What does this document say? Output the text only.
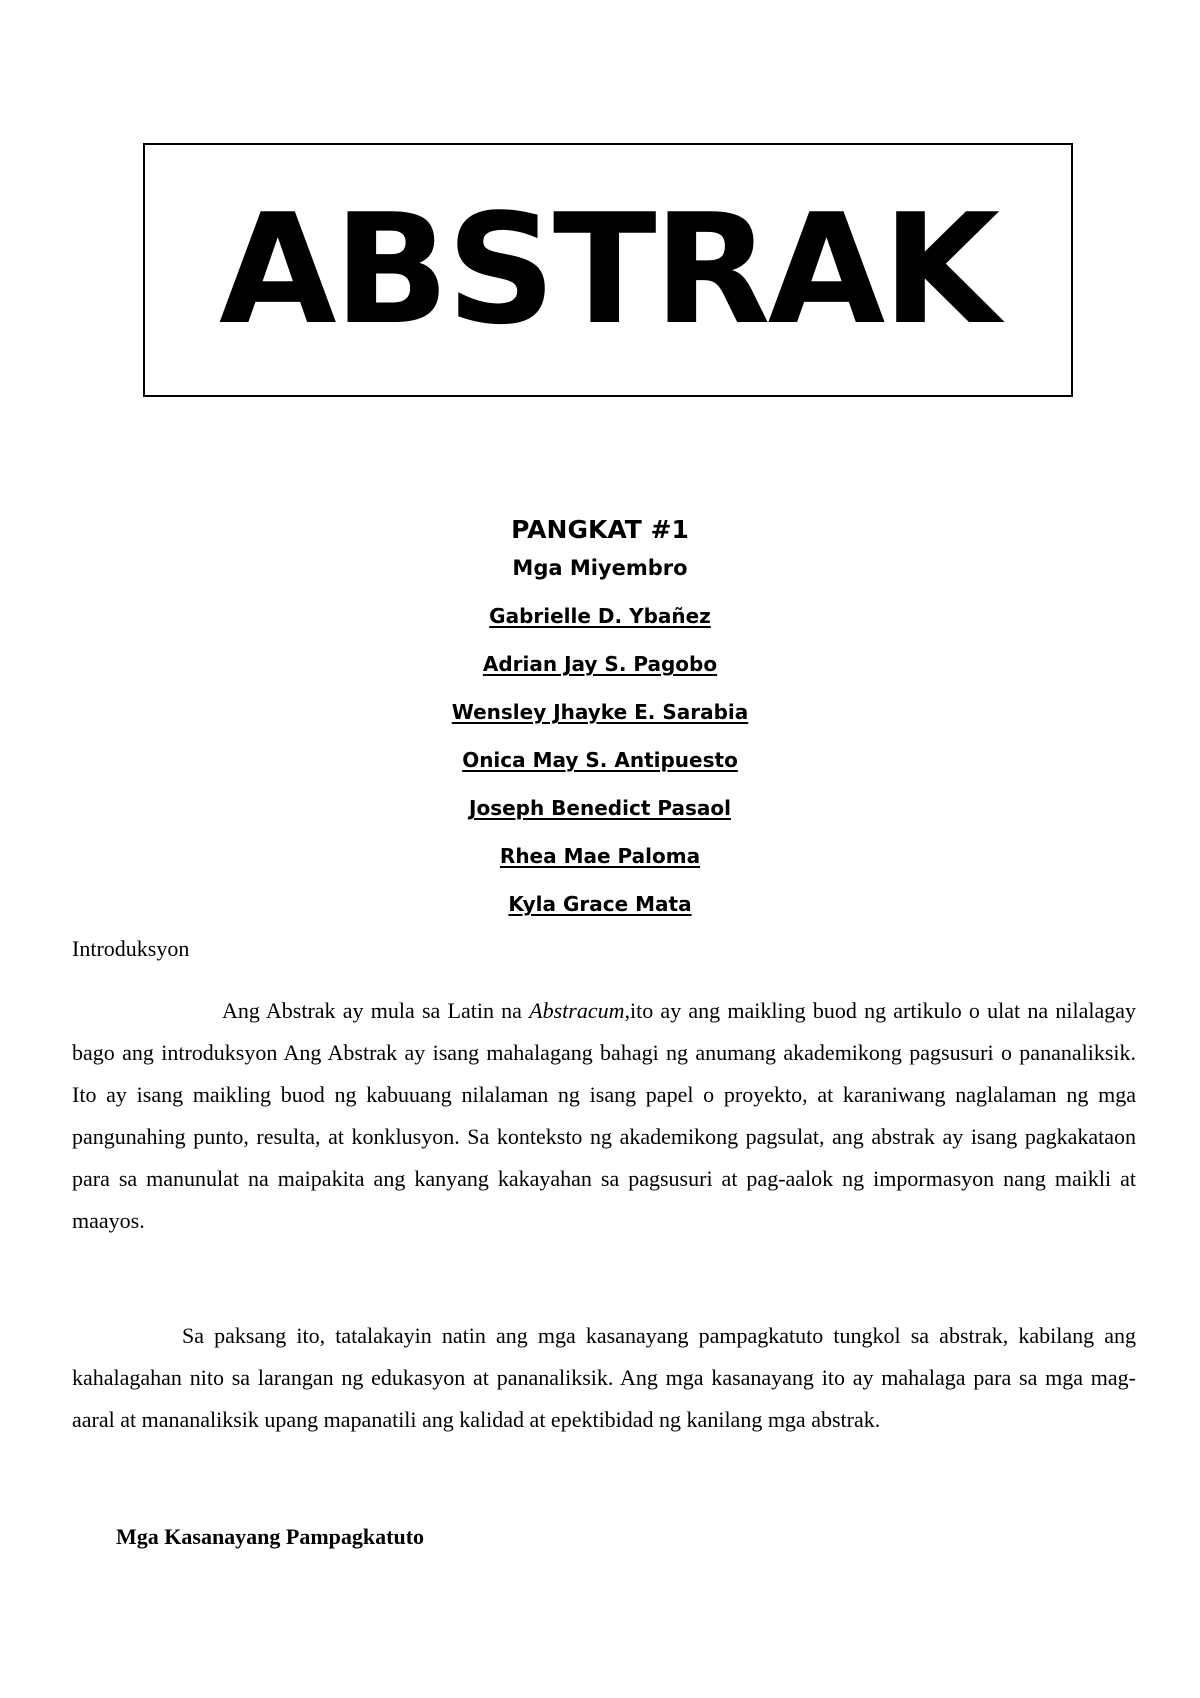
ABSTRAK
PANGKAT #1
Mga Miyembro
Gabrielle D. Ybañez
Adrian Jay S. Pagobo
Wensley Jhayke E. Sarabia
Onica May S. Antipuesto
Joseph Benedict Pasaol
Rhea Mae Paloma
Kyla Grace Mata
Introduksyon

Ang Abstrak ay mula sa Latin na Abstracum,ito ay ang maikling buod ng artikulo o ulat na nilalagay bago ang introduksyon Ang Abstrak ay isang mahalagang bahagi ng anumang akademikong pagsusuri o pananaliksik. Ito ay isang maikling buod ng kabuuang nilalaman ng isang papel o proyekto, at karaniwang naglalaman ng mga pangunahing punto, resulta, at konklusyon. Sa konteksto ng akademikong pagsulat, ang abstrak ay isang pagkakataon para sa manunulat na maipakita ang kanyang kakayahan sa pagsusuri at pag-aalok ng impormasyon nang maikli at maayos.

Sa paksang ito, tatalakayin natin ang mga kasanayang pampagkatuto tungkol sa abstrak, kabilang ang kahalagahan nito sa larangan ng edukasyon at pananaliksik. Ang mga kasanayang ito ay mahalaga para sa mga mag-aaral at mananaliksik upang mapanatili ang kalidad at epektibidad ng kanilang mga abstrak.

Mga Kasanayang Pampagkatuto
